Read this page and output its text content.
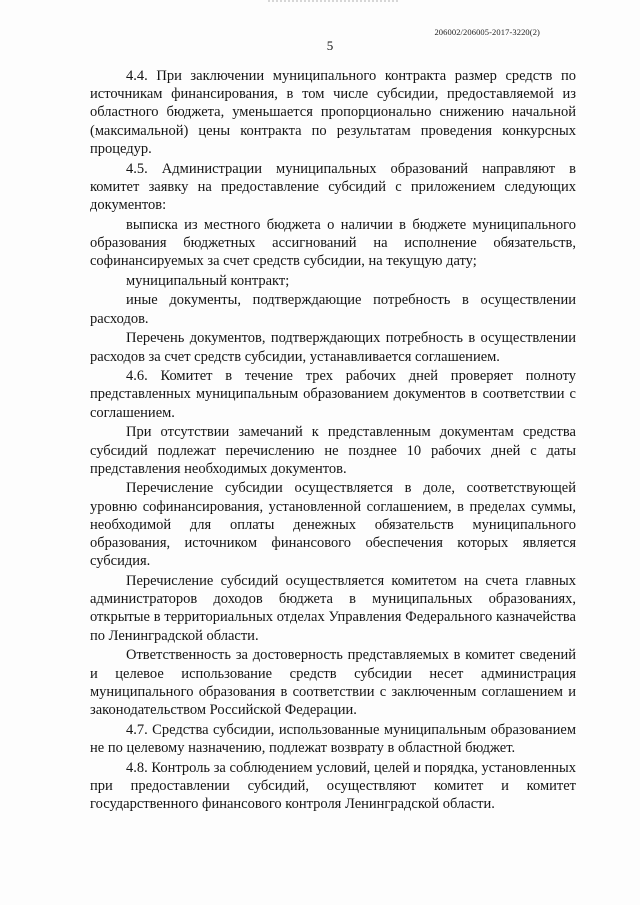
206002/206005-2017-3220(2)
5

4.4. При заключении муниципального контракта размер средств по источникам финансирования, в том числе субсидии, предоставляемой из областного бюджета, уменьшается пропорционально снижению начальной (максимальной) цены контракта по результатам проведения конкурсных процедур.

4.5. Администрации муниципальных образований направляют в комитет заявку на предоставление субсидий с приложением следующих документов:

выписка из местного бюджета о наличии в бюджете муниципального образования бюджетных ассигнований на исполнение обязательств, софинансируемых за счет средств субсидии, на текущую дату;

муниципальный контракт;

иные документы, подтверждающие потребность в осуществлении расходов.

Перечень документов, подтверждающих потребность в осуществлении расходов за счет средств субсидии, устанавливается соглашением.

4.6. Комитет в течение трех рабочих дней проверяет полноту представленных муниципальным образованием документов в соответствии с соглашением.

При отсутствии замечаний к представленным документам средства субсидий подлежат перечислению не позднее 10 рабочих дней с даты представления необходимых документов.

Перечисление субсидии осуществляется в доле, соответствующей уровню софинансирования, установленной соглашением, в пределах суммы, необходимой для оплаты денежных обязательств муниципального образования, источником финансового обеспечения которых является субсидия.

Перечисление субсидий осуществляется комитетом на счета главных администраторов доходов бюджета в муниципальных образованиях, открытые в территориальных отделах Управления Федерального казначейства по Ленинградской области.

Ответственность за достоверность представляемых в комитет сведений и целевое использование средств субсидии несет администрация муниципального образования в соответствии с заключенным соглашением и законодательством Российской Федерации.

4.7. Средства субсидии, использованные муниципальным образованием не по целевому назначению, подлежат возврату в областной бюджет.

4.8. Контроль за соблюдением условий, целей и порядка, установленных при предоставлении субсидий, осуществляют комитет и комитет государственного финансового контроля Ленинградской области.
